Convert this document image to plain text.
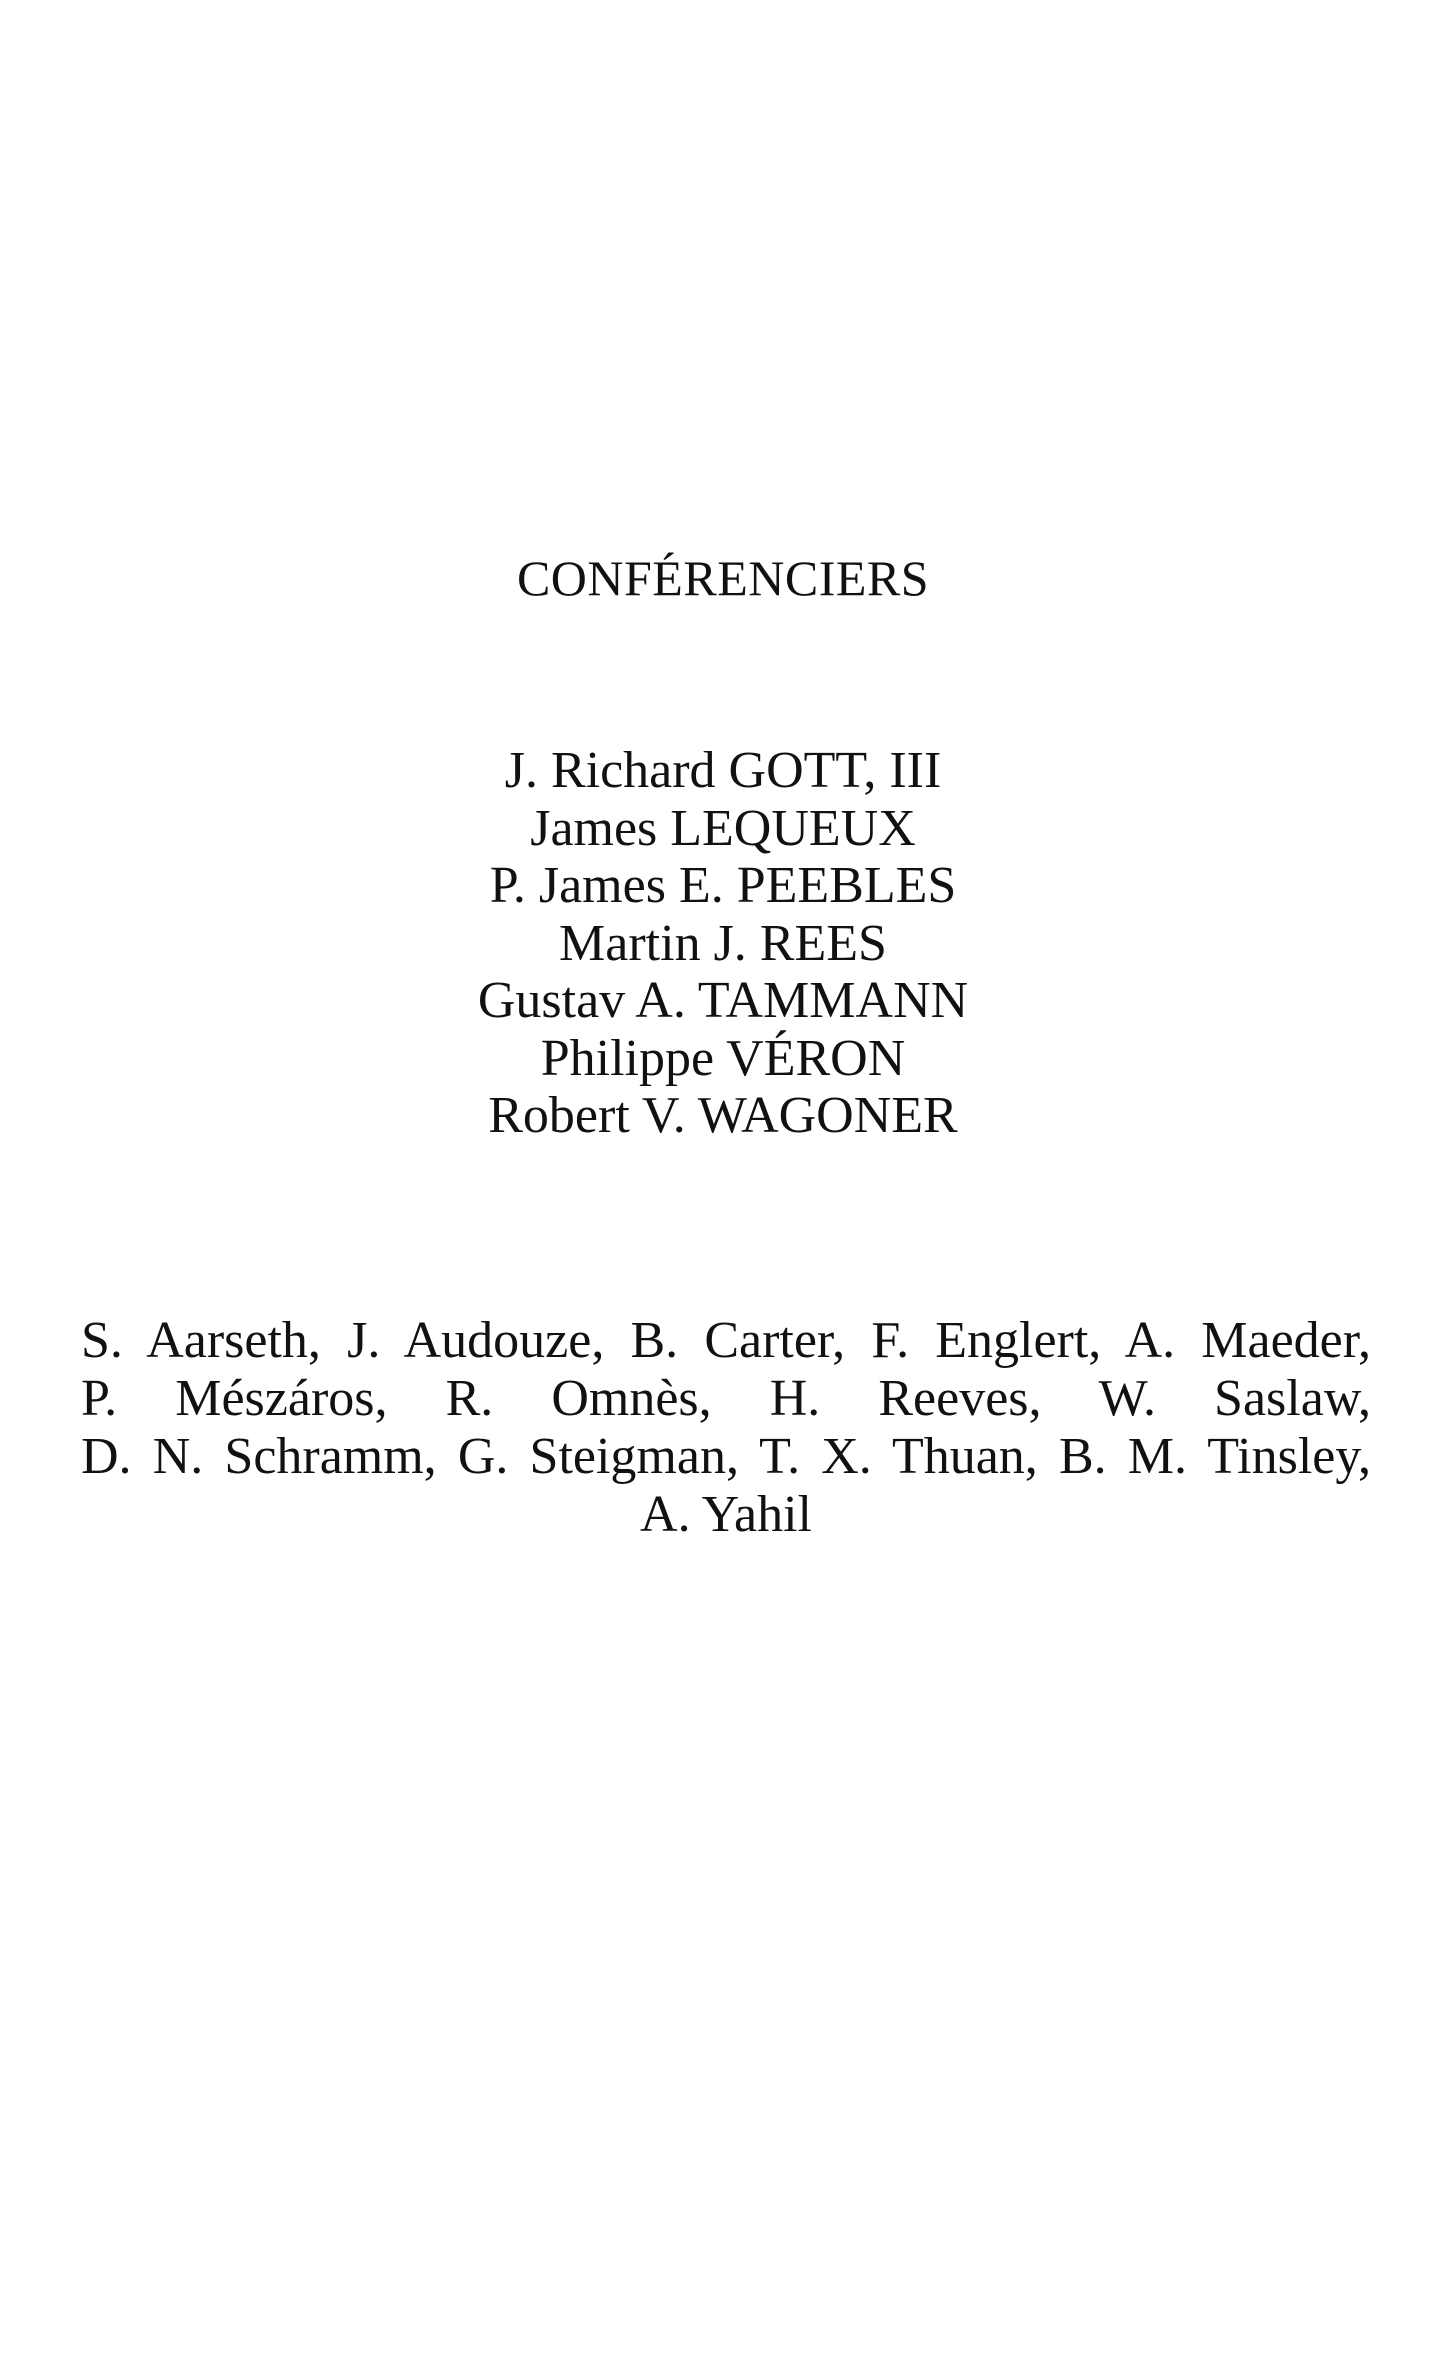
CONFÉRENCIERS
J. Richard GOTT, III
James LEQUEUX
P. James E. PEEBLES
Martin J. REES
Gustav A. TAMMANN
Philippe VÉRON
Robert V. WAGONER
S. Aarseth, J. Audouze, B. Carter, F. Englert, A. Maeder,
P. Mészáros, R. Omnès, H. Reeves, W. Saslaw,
D. N. Schramm, G. Steigman, T. X. Thuan, B. M. Tinsley,
A. Yahil
